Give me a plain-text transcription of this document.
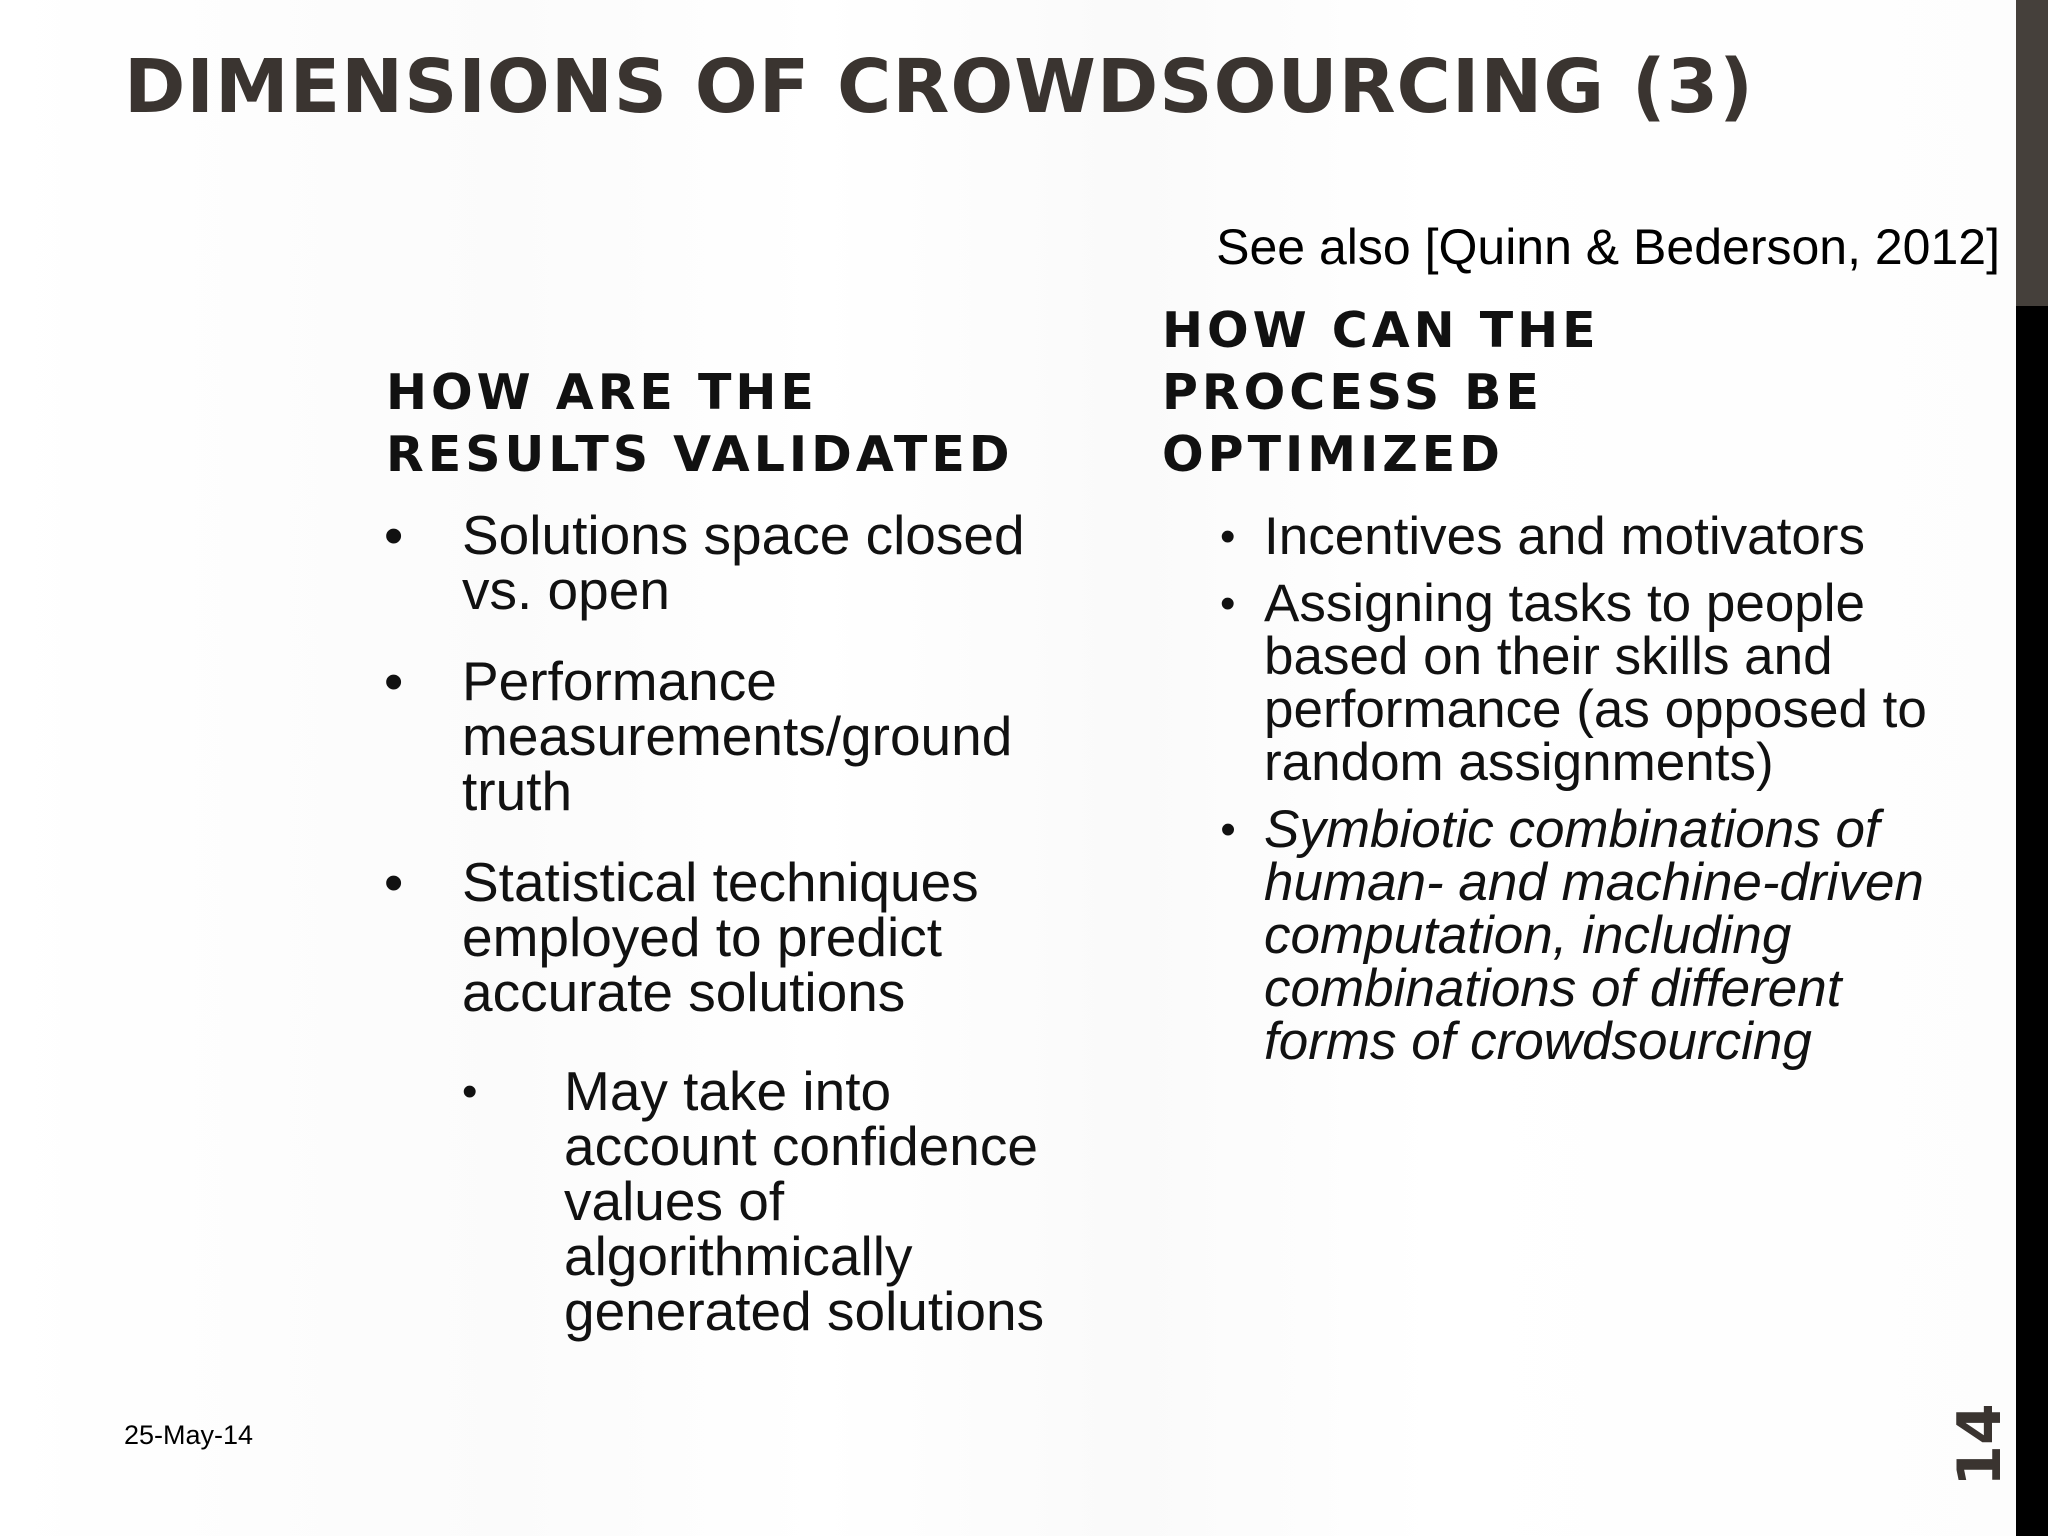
DIMENSIONS OF CROWDSOURCING (3)
See also [Quinn & Bederson, 2012]
HOW ARE THE
RESULTS VALIDATED
• Solutions space closed vs. open
• Performance measurements/ground truth
• Statistical techniques employed to predict accurate solutions
• May take into account confidence values of algorithmically generated solutions
HOW CAN THE
PROCESS BE
OPTIMIZED
• Incentives and motivators
• Assigning tasks to people based on their skills and performance (as opposed to random assignments)
• Symbiotic combinations of human- and machine-driven computation, including combinations of different forms of crowdsourcing
25-May-14	14
